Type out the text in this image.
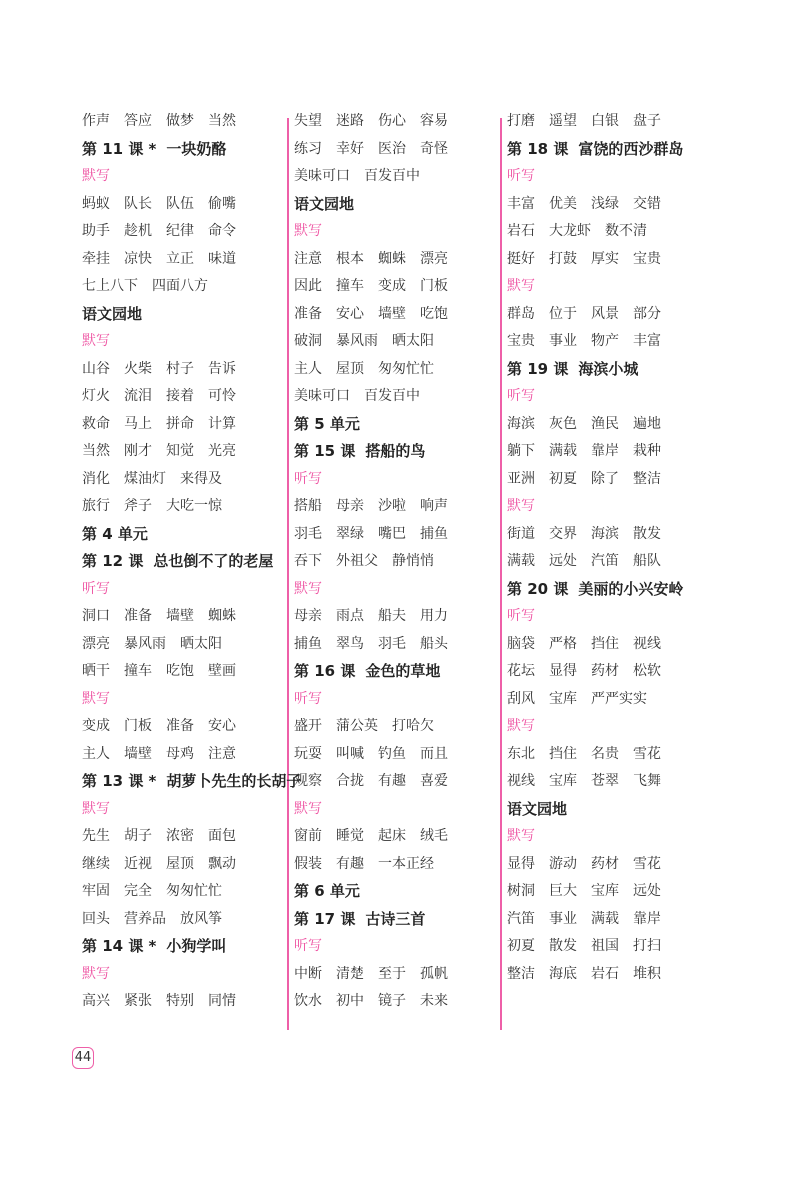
作声 答应 做梦 当然
第 11 课 * 一块奶酪
默写
蚂蚁 队长 队伍 偷嘴
助手 趁机 纪律 命令
牵挂 凉快 立正 味道
七上八下 四面八方
语文园地
默写
山谷 火柴 村子 告诉
灯火 流泪 接着 可怜
救命 马上 拼命 计算
当然 刚才 知觉 光亮
消化 煤油灯 来得及
旅行 斧子 大吃一惊
第 4 单元
第 12 课 总也倒不了的老屋
听写
洞口 准备 墙壁 蜘蛛
漂亮 暴风雨 晒太阳
晒干 撞车 吃饱 壁画
默写
变成 门板 准备 安心
主人 墙壁 母鸡 注意
第 13 课 * 胡萝卜先生的长胡子
默写
先生 胡子 浓密 面包
继续 近视 屋顶 飘动
牢固 完全 匆匆忙忙
回头 营养品 放风筝
第 14 课 * 小狗学叫
默写
高兴 紧张 特别 同情
失望 迷路 伤心 容易
练习 幸好 医治 奇怪
美味可口 百发百中
语文园地
默写
注意 根本 蜘蛛 漂亮
因此 撞车 变成 门板
准备 安心 墙壁 吃饱
破洞 暴风雨 晒太阳
主人 屋顶 匆匆忙忙
美味可口 百发百中
第 5 单元
第 15 课 搭船的鸟
听写
搭船 母亲 沙啦 响声
羽毛 翠绿 嘴巴 捕鱼
吞下 外祖父 静悄悄
默写
母亲 雨点 船夫 用力
捕鱼 翠鸟 羽毛 船头
第 16 课 金色的草地
听写
盛开 蒲公英 打哈欠
玩耍 叫喊 钓鱼 而且
观察 合拢 有趣 喜爱
默写
窗前 睡觉 起床 绒毛
假装 有趣 一本正经
第 6 单元
第 17 课 古诗三首
听写
中断 清楚 至于 孤帆
饮水 初中 镜子 未来
打磨 遥望 白银 盘子
第 18 课 富饶的西沙群岛
听写
丰富 优美 浅绿 交错
岩石 大龙虾 数不清
挺好 打鼓 厚实 宝贵
默写
群岛 位于 风景 部分
宝贵 事业 物产 丰富
第 19 课 海滨小城
听写
海滨 灰色 渔民 遍地
躺下 满载 靠岸 栽种
亚洲 初夏 除了 整洁
默写
街道 交界 海滨 散发
满载 远处 汽笛 船队
第 20 课 美丽的小兴安岭
听写
脑袋 严格 挡住 视线
花坛 显得 药材 松软
刮风 宝库 严严实实
默写
东北 挡住 名贵 雪花
视线 宝库 苍翠 飞舞
语文园地
默写
显得 游动 药材 雪花
树洞 巨大 宝库 远处
汽笛 事业 满载 靠岸
初夏 散发 祖国 打扫
整洁 海底 岩石 堆积
44
